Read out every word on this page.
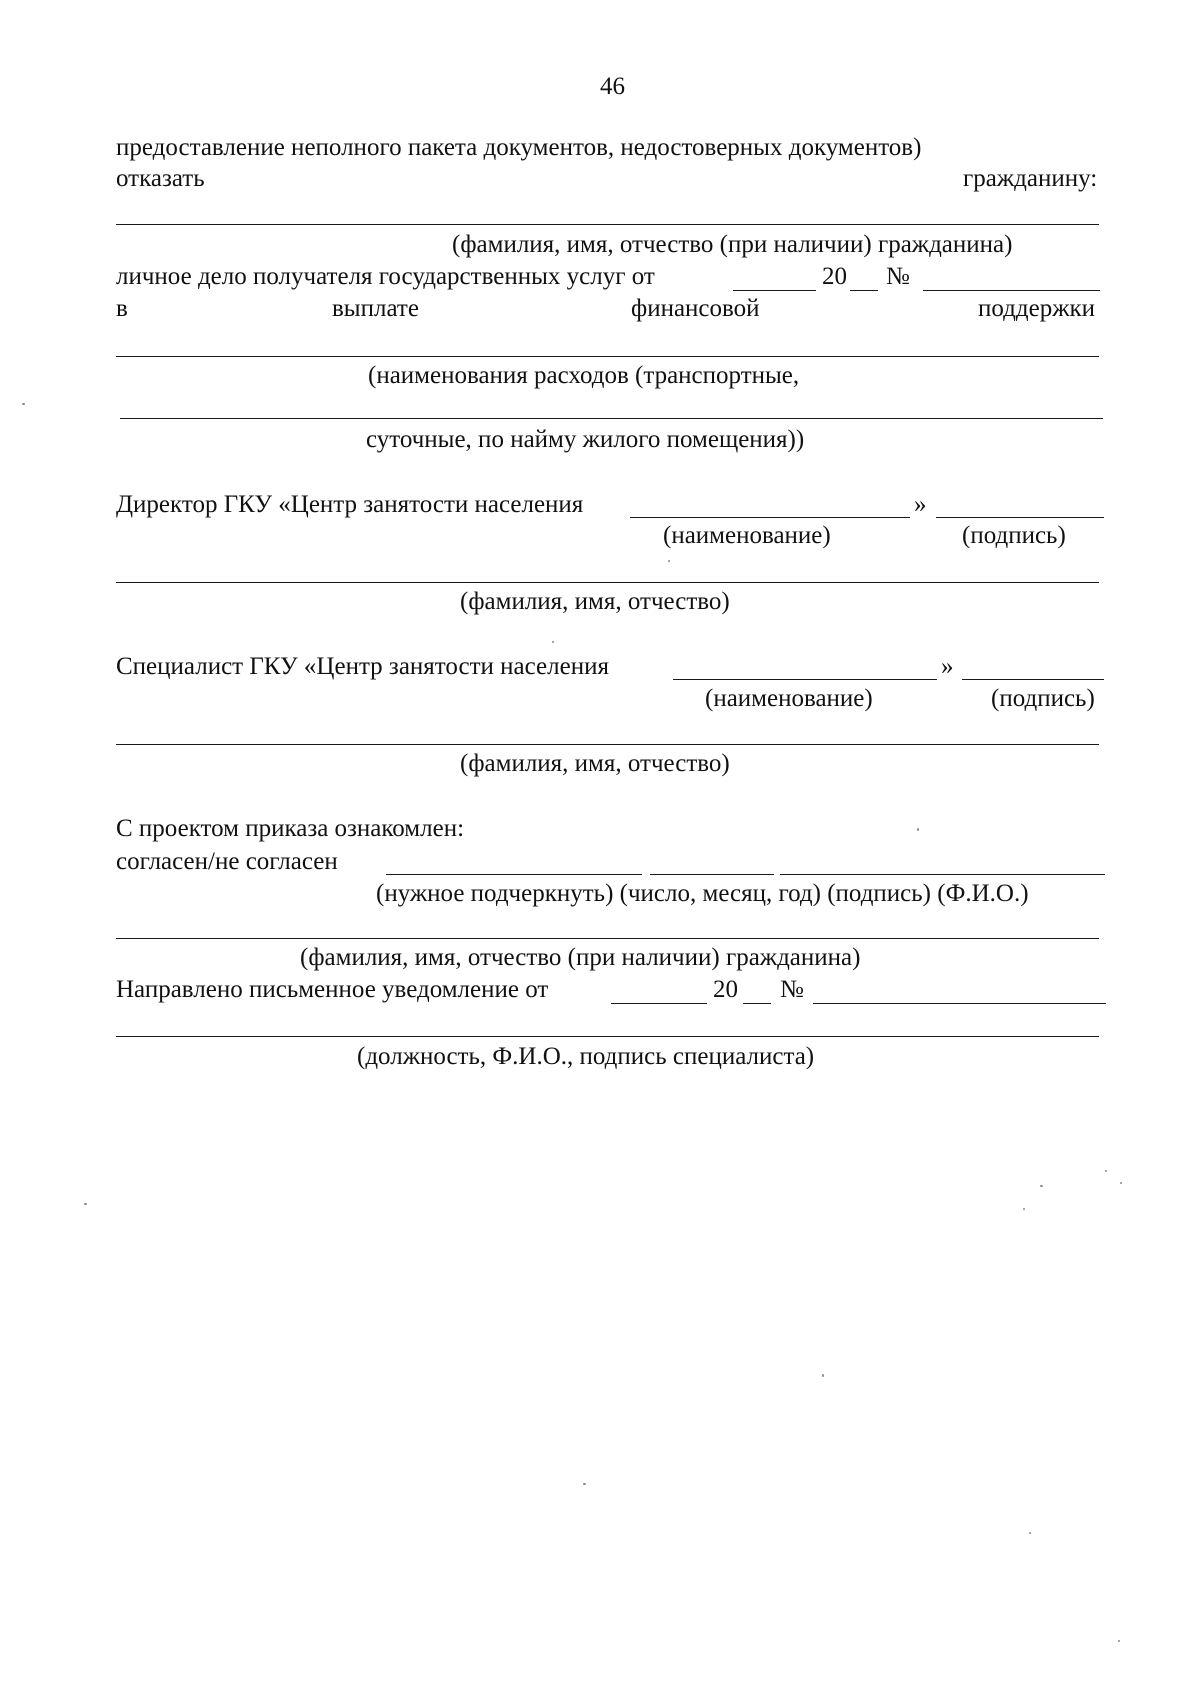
46
предоставление неполного пакета документов, недостоверных документов)
отказать	гражданину:
(фамилия, имя, отчество (при наличии) гражданина)
личное дело получателя государственных услуг от	20 №
в	выплате	финансовой	поддержки
(наименования расходов (транспортные,
суточные, по найму жилого помещения))
Директор ГКУ «Центр занятости населения	»
(наименование)	(подпись)
(фамилия, имя, отчество)
Специалист ГКУ «Центр занятости населения	»
(наименование)	(подпись)
(фамилия, имя, отчество)
С проектом приказа ознакомлен:
согласен/не согласен
(нужное подчеркнуть) (число, месяц, год) (подпись) (Ф.И.О.)
(фамилия, имя, отчество (при наличии) гражданина)
Направлено письменное уведомление от	20 №
(должность, Ф.И.О., подпись специалиста)
